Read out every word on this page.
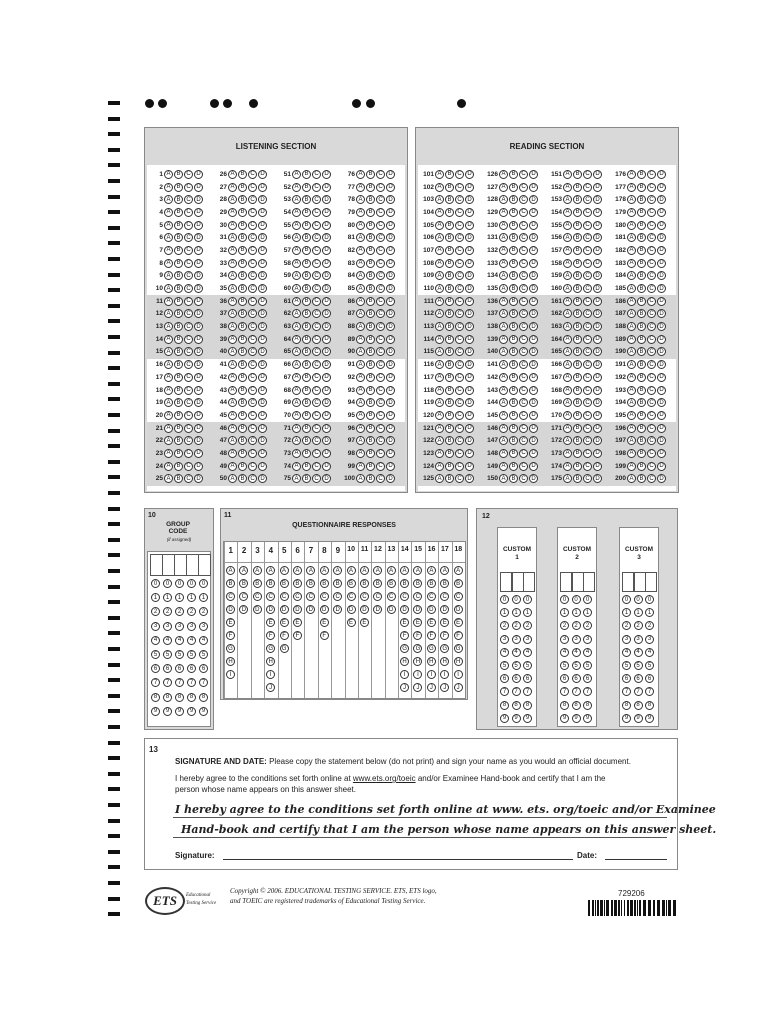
LISTENING SECTION
1 A B C D
2 A B C D
3 A B C D
4 A B C D
5 A B C D
6 A B C D
7 A B C D
8 A B C D
9 A B C D
10 A B C D
11 A B C D
12 A B C D
13 A B C D
14 A B C D
15 A B C D
16 A B C D
17 A B C D
18 A B C D
19 A B C D
20 A B C D
21 A B C D
22 A B C D
23 A B C D
24 A B C D
25 A B C D
26 A B C D
27 A B C D
28 A B C D
29 A B C D
30 A B C D
31 A B C D
32 A B C D
33 A B C D
34 A B C D
35 A B C D
36 A B C D
37 A B C D
38 A B C D
39 A B C D
40 A B C D
41 A B C D
42 A B C D
43 A B C D
44 A B C D
45 A B C D
46 A B C D
47 A B C D
48 A B C D
49 A B C D
50 A B C D
51 A B C D
52 A B C D
53 A B C D
54 A B C D
55 A B C D
56 A B C D
57 A B C D
58 A B C D
59 A B C D
60 A B C D
61 A B C D
62 A B C D
63 A B C D
64 A B C D
65 A B C D
66 A B C D
67 A B C D
68 A B C D
69 A B C D
70 A B C D
71 A B C D
72 A B C D
73 A B C D
74 A B C D
75 A B C D
76 A B C D
77 A B C D
78 A B C D
79 A B C D
80 A B C D
81 A B C D
82 A B C D
83 A B C D
84 A B C D
85 A B C D
86 A B C D
87 A B C D
88 A B C D
89 A B C D
90 A B C D
91 A B C D
92 A B C D
93 A B C D
94 A B C D
95 A B C D
96 A B C D
97 A B C D
98 A B C D
99 A B C D
100 A B C D
READING SECTION
101 A B C D
102 A B C D
103 A B C D
104 A B C D
105 A B C D
106 A B C D
107 A B C D
108 A B C D
109 A B C D
110 A B C D
111 A B C D
112 A B C D
113 A B C D
114 A B C D
115 A B C D
116 A B C D
117 A B C D
118 A B C D
119 A B C D
120 A B C D
121 A B C D
122 A B C D
123 A B C D
124 A B C D
125 A B C D
126 A B C D
127 A B C D
128 A B C D
129 A B C D
130 A B C D
131 A B C D
132 A B C D
133 A B C D
134 A B C D
135 A B C D
136 A B C D
137 A B C D
138 A B C D
139 A B C D
140 A B C D
141 A B C D
142 A B C D
143 A B C D
144 A B C D
145 A B C D
146 A B C D
147 A B C D
148 A B C D
149 A B C D
150 A B C D
151 A B C D
152 A B C D
153 A B C D
154 A B C D
155 A B C D
156 A B C D
157 A B C D
158 A B C D
159 A B C D
160 A B C D
161 A B C D
162 A B C D
163 A B C D
164 A B C D
165 A B C D
166 A B C D
167 A B C D
168 A B C D
169 A B C D
170 A B C D
171 A B C D
172 A B C D
173 A B C D
174 A B C D
175 A B C D
176 A B C D
177 A B C D
178 A B C D
179 A B C D
180 A B C D
181 A B C D
182 A B C D
183 A B C D
184 A B C D
185 A B C D
186 A B C D
187 A B C D
188 A B C D
189 A B C D
190 A B C D
191 A B C D
192 A B C D
193 A B C D
194 A B C D
195 A B C D
196 A B C D
197 A B C D
198 A B C D
199 A B C D
200 A B C D
10
GROUP CODE
(if assigned)
0
1
2
3
4
5
6
7
8
9
0
1
2
3
4
5
6
7
8
9
0
1
2
3
4
5
6
7
8
9
0
1
2
3
4
5
6
7
8
9
0
1
2
3
4
5
6
7
8
9
11
QUESTIONNAIRE RESPONSES
1
A
B
C
D
E
F
G
H
I
2
A
B
C
D
3
A
B
C
D
4
A
B
C
D
E
F
G
H
I
J
5
A
B
C
D
E
F
G
6
A
B
C
D
E
F
7
A
B
C
D
8
A
B
C
D
E
F
9
A
B
C
D
10
A
B
C
D
E
11
A
B
C
D
E
12
A
B
C
D
13
A
B
C
D
14
A
B
C
D
E
F
G
H
I
J
15
A
B
C
D
E
F
G
H
I
J
16
A
B
C
D
E
F
G
H
I
J
17
A
B
C
D
E
F
G
H
I
J
18
A
B
C
D
E
F
G
H
I
J
12
CUSTOM
1
0
1
2
3
4
5
6
7
8
9
0
1
2
3
4
5
6
7
8
9
0
1
2
3
4
5
6
7
8
9
CUSTOM
2
0
1
2
3
4
5
6
7
8
9
0
1
2
3
4
5
6
7
8
9
0
1
2
3
4
5
6
7
8
9
CUSTOM
3
0
1
2
3
4
5
6
7
8
9
0
1
2
3
4
5
6
7
8
9
0
1
2
3
4
5
6
7
8
9
13
SIGNATURE AND DATE: Please copy the statement below (do not print) and sign your name as you would an official document.
I hereby agree to the conditions set forth online at www.ets.org/toeic and/or Examinee Hand-book and certify that I am the
person whose name appears on this answer sheet.
I hereby agree to the conditions set forth online at www. ets. org/toeic and/or Examinee
Hand-book and certify that I am the person whose name appears on this answer sheet.
Signature:	Date:
ETS	Educational
Testing Service
Copyright © 2006. EDUCATIONAL TESTING SERVICE. ETS, ETS logo,
and TOEIC are registered trademarks of Educational Testing Service.
729206
